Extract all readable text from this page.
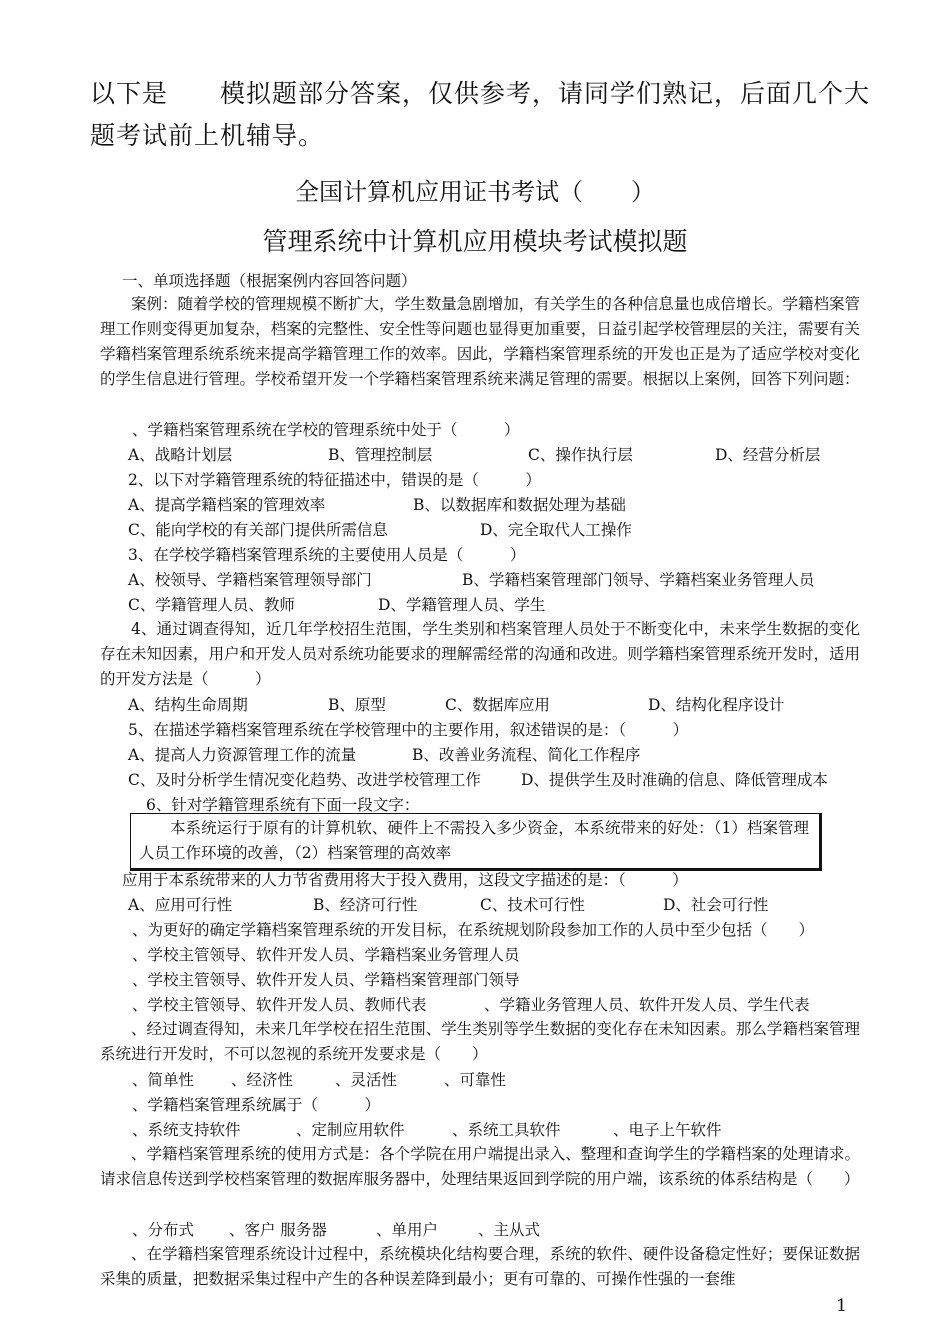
以下是　　模拟题部分答案，仅供参考，请同学们熟记，后面几个大
题考试前上机辅导。
全国计算机应用证书考试（　　）
管理系统中计算机应用模块考试模拟题
一、单项选择题（根据案例内容回答问题）
案例：随着学校的管理规模不断扩大，学生数量急剧增加，有关学生的各种信息量也成倍增长。学籍档案管理工作则变得更加复杂，档案的完整性、安全性等问题也显得更加重要，日益引起学校管理层的关注，需要有关学籍档案管理系统系统来提高学籍管理工作的效率。因此，学籍档案管理系统的开发也正是为了适应学校对变化的学生信息进行管理。学校希望开发一个学籍档案管理系统来满足管理的需要。根据以上案例，回答下列问题：
、学籍档案管理系统在学校的管理系统中处于（　　　）
A、战略计划层	B、管理控制层	C、操作执行层	D、经营分析层
2、以下对学籍管理系统的特征描述中，错误的是（　　　）
A、提高学籍档案的管理效率	B、以数据库和数据处理为基础
C、能向学校的有关部门提供所需信息	D、完全取代人工操作
3、在学校学籍档案管理系统的主要使用人员是（　　　）
A、校领导、学籍档案管理领导部门	B、学籍档案管理部门领导、学籍档案业务管理人员
C、学籍管理人员、教师	D、学籍管理人员、学生
4、通过调查得知，近几年学校招生范围，学生类别和档案管理人员处于不断变化中，未来学生数据的变化存在未知因素，用户和开发人员对系统功能要求的理解需经常的沟通和改进。则学籍档案管理系统开发时，适用的开发方法是（　　　）
A、结构生命周期	B、原型	C、数据库应用	D、结构化程序设计
5、在描述学籍档案管理系统在学校管理中的主要作用，叙述错误的是：（　　　）
A、提高人力资源管理工作的流量	B、改善业务流程、简化工作程序
C、及时分析学生情况变化趋势、改进学校管理工作	D、提供学生及时准确的信息、降低管理成本
6、针对学籍管理系统有下面一段文字：
本系统运行于原有的计算机软、硬件上不需投入多少资金，本系统带来的好处：（1）档案管理人员工作环境的改善，（2）档案管理的高效率
应用于本系统带来的人力节省费用将大于投入费用，这段文字描述的是：（　　　）
A、应用可行性	B、经济可行性	C、技术可行性	D、社会可行性
、为更好的确定学籍档案管理系统的开发目标，在系统规划阶段参加工作的人员中至少包括（　　）
、学校主管领导、软件开发人员、学籍档案业务管理人员
、学校主管领导、软件开发人员、学籍档案管理部门领导
、学校主管领导、软件开发人员、教师代表	、学籍业务管理人员、软件开发人员、学生代表
、经过调查得知，未来几年学校在招生范围、学生类别等学生数据的变化存在未知因素。那么学籍档案管理系统进行开发时，不可以忽视的系统开发要求是（　　）
、简单性 、经济性	、灵活性	、可靠性
、学籍档案管理系统属于（　　　）
、系统支持软件	、定制应用软件	、系统工具软件	、电子上午软件
、学籍档案管理系统的使用方式是：各个学院在用户端提出录入、整理和查询学生的学籍档案的处理请求。请求信息传送到学校档案管理的数据库服务器中，处理结果返回到学院的用户端，该系统的体系结构是（　　）
、分布式 、客户 服务器	、单用户	、主从式
、在学籍档案管理系统设计过程中，系统模块化结构要合理，系统的软件、硬件设备稳定性好；要保证数据采集的质量，把数据采集过程中产生的各种误差降到最小；更有可靠的、可操作性强的一套维
1
